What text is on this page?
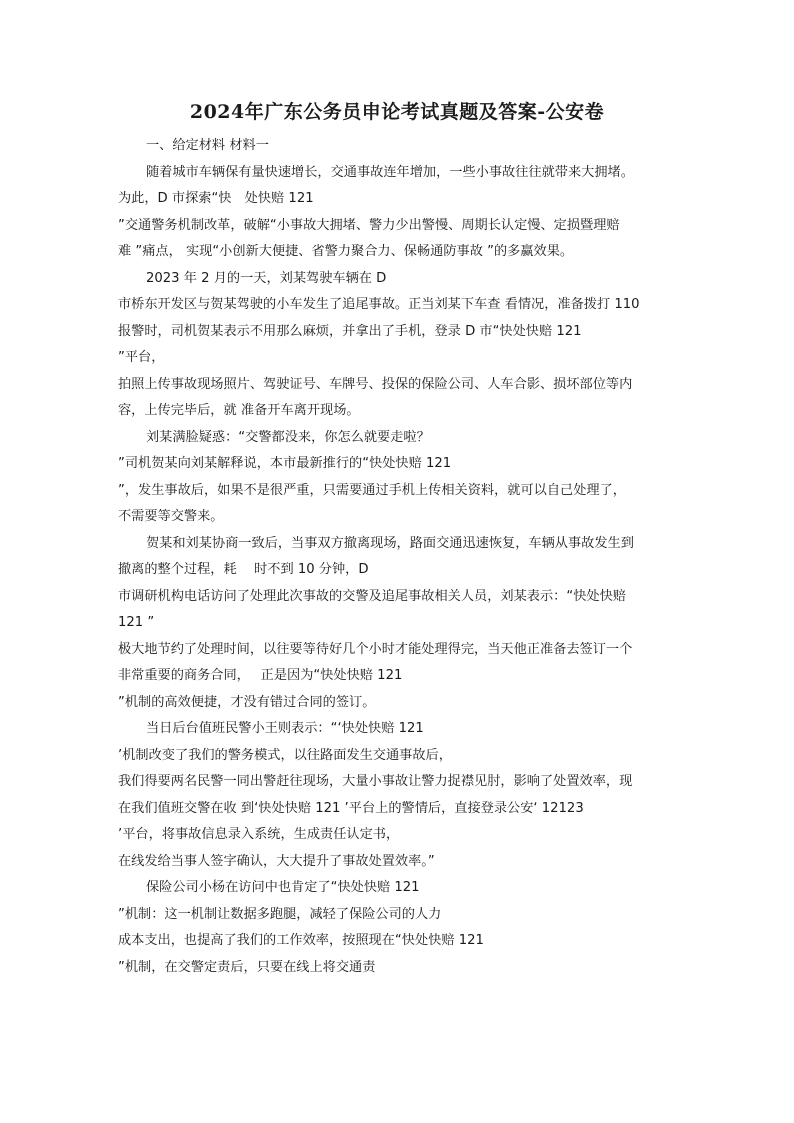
2024年广东公务员申论考试真题及答案-公安卷
一、给定材料 材料一
随着城市车辆保有量快速增长，交通事故连年增加，一些小事故往往就带来大拥堵。
为此，D 市探索“快　处快赔 121
”交通警务机制改革，破解“小事故大拥堵、警力少出警慢、周期长认定慢、定损暨理赔
难 ”痛点， 实现“小创新大便捷、省警力聚合力、保畅通防事故 ”的多赢效果。
2023 年 2 月的一天，刘某驾驶车辆在 D
市桥东开发区与贺某驾驶的小车发生了追尾事故。正当刘某下车查 看情况，准备拨打 110
报警时，司机贺某表示不用那么麻烦，并拿出了手机，登录 D 市“快处快赔 121
”平台，
拍照上传事故现场照片、驾驶证号、车牌号、投保的保险公司、人车合影、损坏部位等内
容，上传完毕后，就 准备开车离开现场。
刘某满脸疑惑：“交警都没来，你怎么就要走啦？
”司机贺某向刘某解释说，本市最新推行的“快处快赔 121
”，发生事故后，如果不是很严重，只需要通过手机上传相关资料，就可以自己处理了，
不需要等交警来。
贺某和刘某协商一致后，当事双方撤离现场，路面交通迅速恢复，车辆从事故发生到
撤离的整个过程，耗　 时不到 10 分钟，D
市调研机构电话访问了处理此次事故的交警及追尾事故相关人员，刘某表示：“快处快赔
121 ”
极大地节约了处理时间，以往要等待好几个小时才能处理得完，当天他正准备去签订一个
非常重要的商务合同，　 正是因为“快处快赔 121
”机制的高效便捷，才没有错过合同的签订。
当日后台值班民警小王则表示：“‘快处快赔 121
’机制改变了我们的警务模式，以往路面发生交通事故后，
我们得要两名民警一同出警赶往现场，大量小事故让警力捉襟见肘，影响了处置效率，现
在我们值班交警在收 到‘快处快赔 121 ’平台上的警情后，直接登录公安‘ 12123
’平台，将事故信息录入系统，生成责任认定书，
在线发给当事人签字确认，大大提升了事故处置效率。”
保险公司小杨在访问中也肯定了“快处快赔 121
”机制：这一机制让数据多跑腿，减轻了保险公司的人力
成本支出，也提高了我们的工作效率，按照现在“快处快赔 121
”机制，在交警定责后，只要在线上将交通责
